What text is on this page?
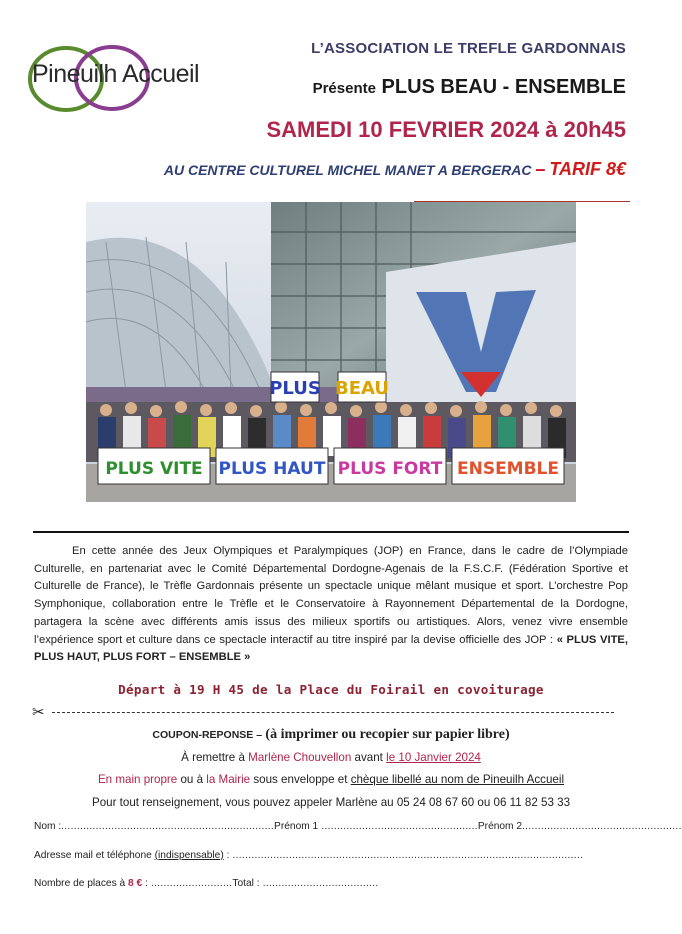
Pineuilh Accueil
L’ASSOCIATION LE TREFLE GARDONNAIS
Présente PLUS BEAU - ENSEMBLE
SAMEDI 10 FEVRIER 2024 à 20h45
AU CENTRE CULTUREL MICHEL MANET A BERGERAC – TARIF 8€
PLUS BEAU
PLUS VITE PLUS HAUT PLUS FORT ENSEMBLE
En cette année des Jeux Olympiques et Paralympiques (JOP) en France, dans le cadre de l’Olympiade Culturelle, en partenariat avec le Comité Départemental Dordogne-Agenais de la F.S.C.F. (Fédération Sportive et Culturelle de France), le Trèfle Gardonnais présente un spectacle unique mêlant musique et sport. L’orchestre Pop Symphonique, collaboration entre le Trèfle et le Conservatoire à Rayonnement Départemental de la Dordogne, partagera la scène avec différents amis issus des milieux sportifs ou artistiques. Alors, venez vivre ensemble l’expérience sport et culture dans ce spectacle interactif au titre inspiré par la devise officielle des JOP : « PLUS VITE, PLUS HAUT, PLUS FORT – ENSEMBLE »
Départ à 19 H 45 de la Place du Foirail en covoiturage
✂
COUPON-REPONSE – (à imprimer ou recopier sur papier libre)
À remettre à Marlène Chouvellon avant le 10 Janvier 2024
En main propre ou à la Mairie sous enveloppe et chèque libellé au nom de Pineuilh Accueil
Pour tout renseignement, vous pouvez appeler Marlène au 05 24 08 67 60 ou 06 11 82 53 33
Nom :....................................................................Prénom 1 ..................................................Prénom 2...................................................
Adresse mail et téléphone (indispensable) : ................................................................................................................
Nombre de places à 8 € : ..........................Total : .....................................
